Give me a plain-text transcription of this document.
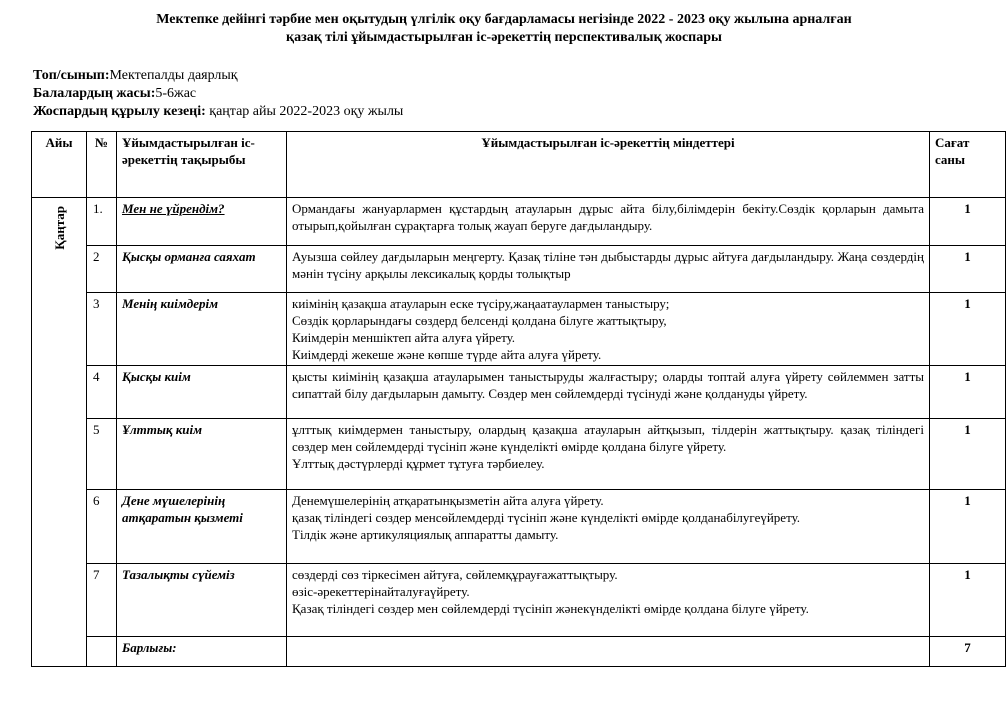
Мектепке дейінгі тәрбие мен оқытудың үлгілік оқу бағдарламасы негізінде 2022 - 2023 оқу жылына арналған
қазақ тілі ұйымдастырылған іс-әрекеттің перспективалық жоспары
Топ/сынып:Мектепалды даярлық
Балалардың жасы:5-6жас
Жоспардың құрылу кезеңі: қаңтар айы 2022-2023 оқу жылы
Айы	№	Ұйымдастырылған іс-әрекеттің тақырыбы	Ұйымдастырылған іс-әрекеттің міндеттері	Сағат саны
Қаңтар	1.	Мен не үйрендім?	Ормандағы жануарлармен құстардың атауларын дұрыс айта білу,білімдерін бекіту.Сөздік қорларын дамыта отырып,қойылған сұрақтарға толық жауап беруге дағдыландыру.	1
	2	Қысқы орманға саяхат	Ауызша сөйлеу дағдыларын меңгерту. Қазақ тіліне тән дыбыстарды дұрыс айтуға дағдыландыру. Жаңа сөздердің мәнін түсіну арқылы лексикалық қорды толықтыр	1
	3	Менің киімдерім	киімінің қазақша атауларын еске түсіру,жаңаатаулармен таныстыру;
Сөздік қорларындағы сөздерд белсенді қолдана білуге жаттықтыру,
Киімдерін меншіктеп айта алуға үйрету.
Киімдерді жекеше және көпше түрде айта алуға үйрету.	1
	4	Қысқы киім	қысты киімінің қазақша атауларымен таныстыруды жалғастыру; оларды топтай алуға үйрету сөйлеммен затты сипаттай білу дағдыларын дамыту. Сөздер мен сөйлемдерді түсінуді және қолдануды үйрету.	1
	5	Ұлттық киім	ұлттық киімдермен таныстыру, олардың қазақша атауларын айтқызып, тілдерін жаттықтыру. қазақ тіліндегі сөздер мен сөйлемдерді түсініп және күнделікті өмірде қолдана білуге үйрету.
Ұлттық дәстүрлерді құрмет тұтуға тәрбиелеу.	1
	6	Дене мүшелерінің атқаратын қызметі	Денемүшелерінің атқаратынқызметін айта алуға үйрету.
қазақ тіліндегі сөздер менсөйлемдерді түсініп және күнделікті өмірде қолданабілугеүйрету.
Тілдік және артикуляциялық аппаратты дамыту.	1
	7	Тазалықты сүйеміз	сөздерді сөз тіркесімен айтуға, сөйлемқұрауғажаттықтыру.
өзіс-әрекеттерінайталуғаүйрету.
Қазақ тіліндегі сөздер мен сөйлемдерді түсініп жәнекүнделікті өмірде қолдана білуге үйрету.	1
		Барлығы:		7
